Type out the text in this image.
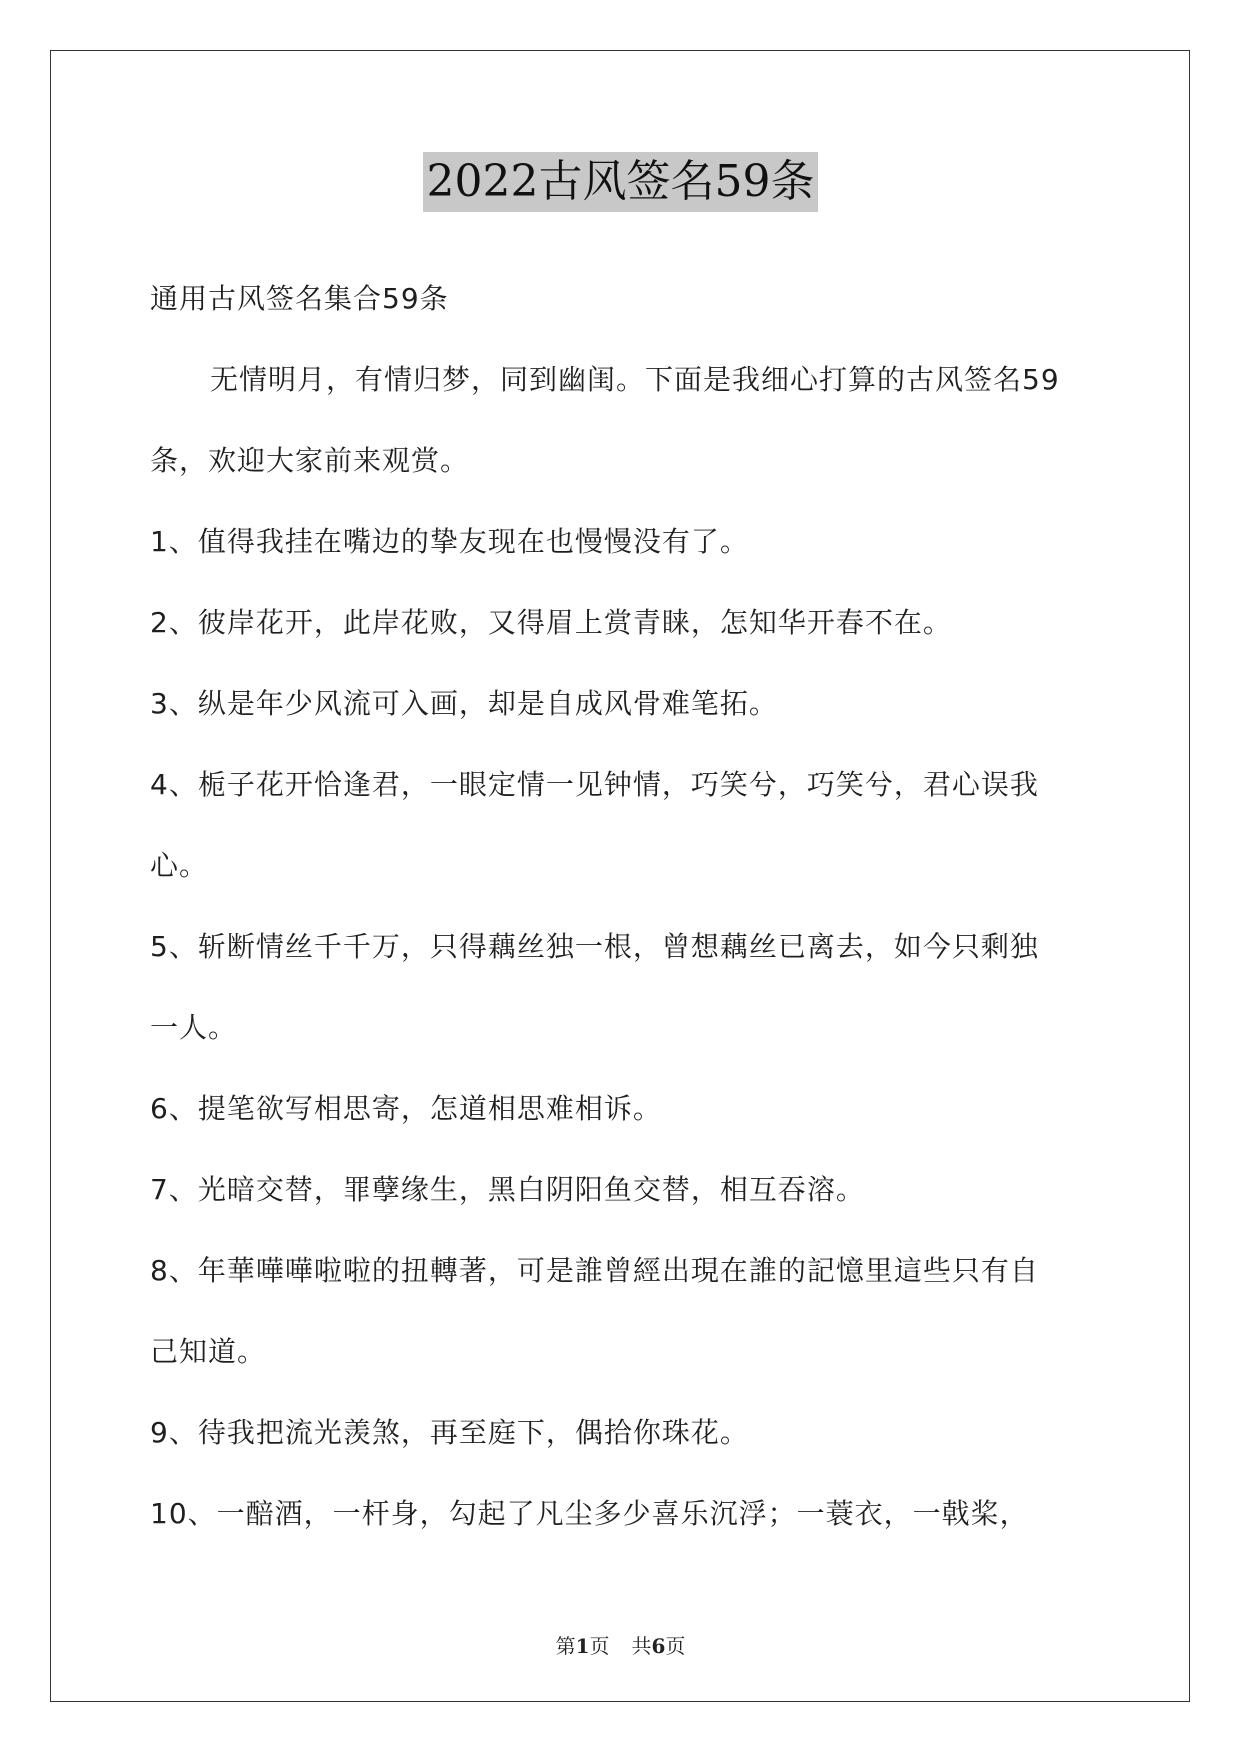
2022古风签名59条

通用古风签名集合59条

无情明月，有情归梦，同到幽闺。下面是我细心打算的古风签名59

条，欢迎大家前来观赏。

1、值得我挂在嘴边的挚友现在也慢慢没有了。

2、彼岸花开，此岸花败，又得眉上赏青睐，怎知华开春不在。

3、纵是年少风流可入画，却是自成风骨难笔拓。

4、栀子花开恰逢君，一眼定情一见钟情，巧笑兮，巧笑兮，君心误我

心。

5、斩断情丝千千万，只得藕丝独一根，曾想藕丝已离去，如今只剩独

一人。

6、提笔欲写相思寄，怎道相思难相诉。

7、光暗交替，罪孽缘生，黑白阴阳鱼交替，相互吞溶。

8、年華嘩嘩啦啦的扭轉著，可是誰曾經出現在誰的記憶里這些只有自

己知道。

9、待我把流光羡煞，再至庭下，偶拾你珠花。

10、一醅酒，一杆身，勾起了凡尘多少喜乐沉浮；一蓑衣，一戟桨，

第1页 共6页
